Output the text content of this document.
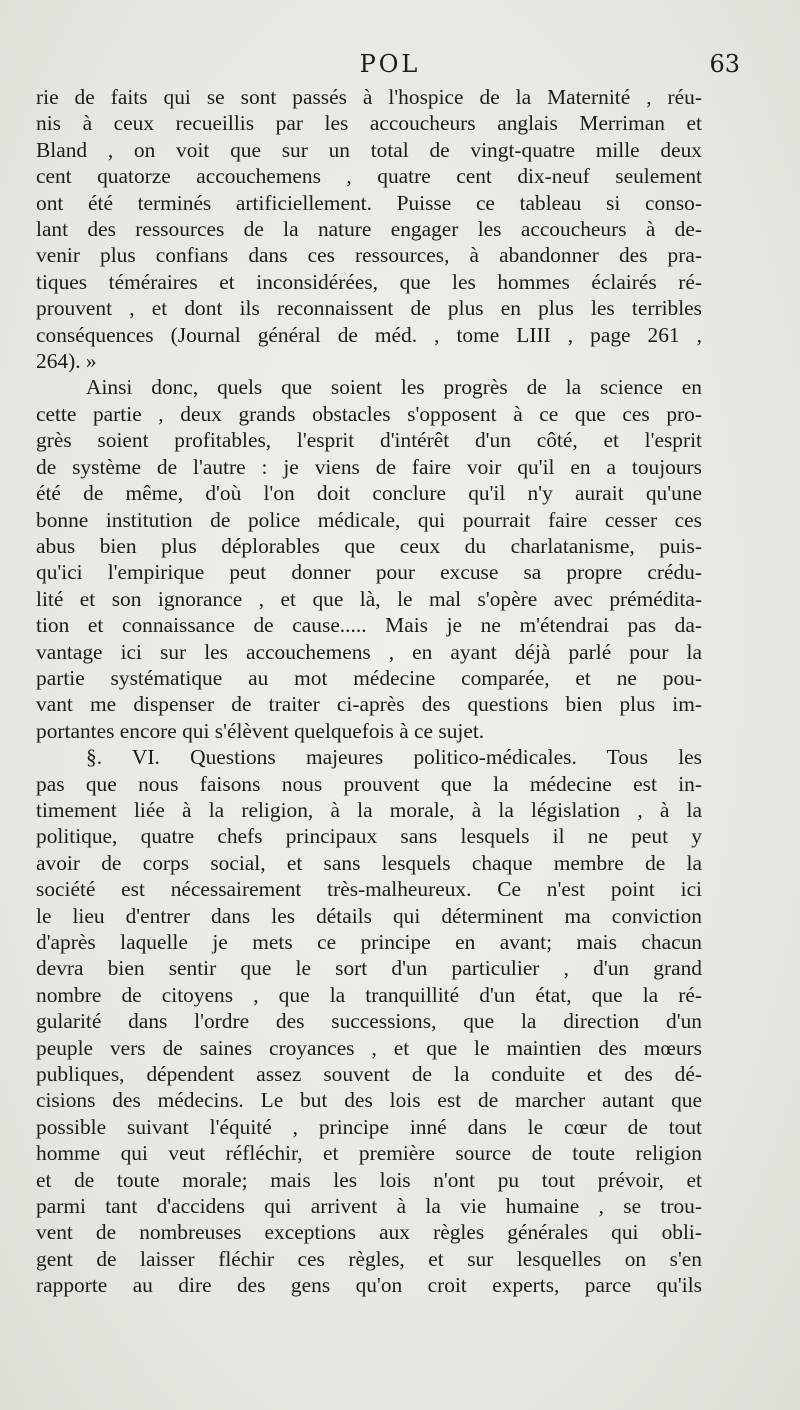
POL	63
rie de faits qui se sont passés à l'hospice de la Maternité , réu-
nis à ceux recueillis par les accoucheurs anglais Merriman et
Bland , on voit que sur un total de vingt-quatre mille deux
cent quatorze accouchemens , quatre cent dix-neuf seulement
ont été terminés artificiellement. Puisse ce tableau si conso-
lant des ressources de la nature engager les accoucheurs à de-
venir plus confians dans ces ressources, à abandonner des pra-
tiques téméraires et inconsidérées, que les hommes éclairés ré-
prouvent , et dont ils reconnaissent de plus en plus les terribles
conséquences (Journal général de méd. , tome LIII , page 261 ,
264). »
Ainsi donc, quels que soient les progrès de la science en
cette partie , deux grands obstacles s'opposent à ce que ces pro-
grès soient profitables, l'esprit d'intérêt d'un côté, et l'esprit
de système de l'autre : je viens de faire voir qu'il en a toujours
été de même, d'où l'on doit conclure qu'il n'y aurait qu'une
bonne institution de police médicale, qui pourrait faire cesser ces
abus bien plus déplorables que ceux du charlatanisme, puis-
qu'ici l'empirique peut donner pour excuse sa propre crédu-
lité et son ignorance , et que là, le mal s'opère avec prémédita-
tion et connaissance de cause..... Mais je ne m'étendrai pas da-
vantage ici sur les accouchemens , en ayant déjà parlé pour la
partie systématique au mot médecine comparée, et ne pou-
vant me dispenser de traiter ci-après des questions bien plus im-
portantes encore qui s'élèvent quelquefois à ce sujet.
§. VI. Questions majeures politico-médicales. Tous les
pas que nous faisons nous prouvent que la médecine est in-
timement liée à la religion, à la morale, à la législation , à la
politique, quatre chefs principaux sans lesquels il ne peut y
avoir de corps social, et sans lesquels chaque membre de la
société est nécessairement très-malheureux. Ce n'est point ici
le lieu d'entrer dans les détails qui déterminent ma conviction
d'après laquelle je mets ce principe en avant; mais chacun
devra bien sentir que le sort d'un particulier , d'un grand
nombre de citoyens , que la tranquillité d'un état, que la ré-
gularité dans l'ordre des successions, que la direction d'un
peuple vers de saines croyances , et que le maintien des mœurs
publiques, dépendent assez souvent de la conduite et des dé-
cisions des médecins. Le but des lois est de marcher autant que
possible suivant l'équité , principe inné dans le cœur de tout
homme qui veut réfléchir, et première source de toute religion
et de toute morale; mais les lois n'ont pu tout prévoir, et
parmi tant d'accidens qui arrivent à la vie humaine , se trou-
vent de nombreuses exceptions aux règles générales qui obli-
gent de laisser fléchir ces règles, et sur lesquelles on s'en
rapporte au dire des gens qu'on croit experts, parce qu'ils
